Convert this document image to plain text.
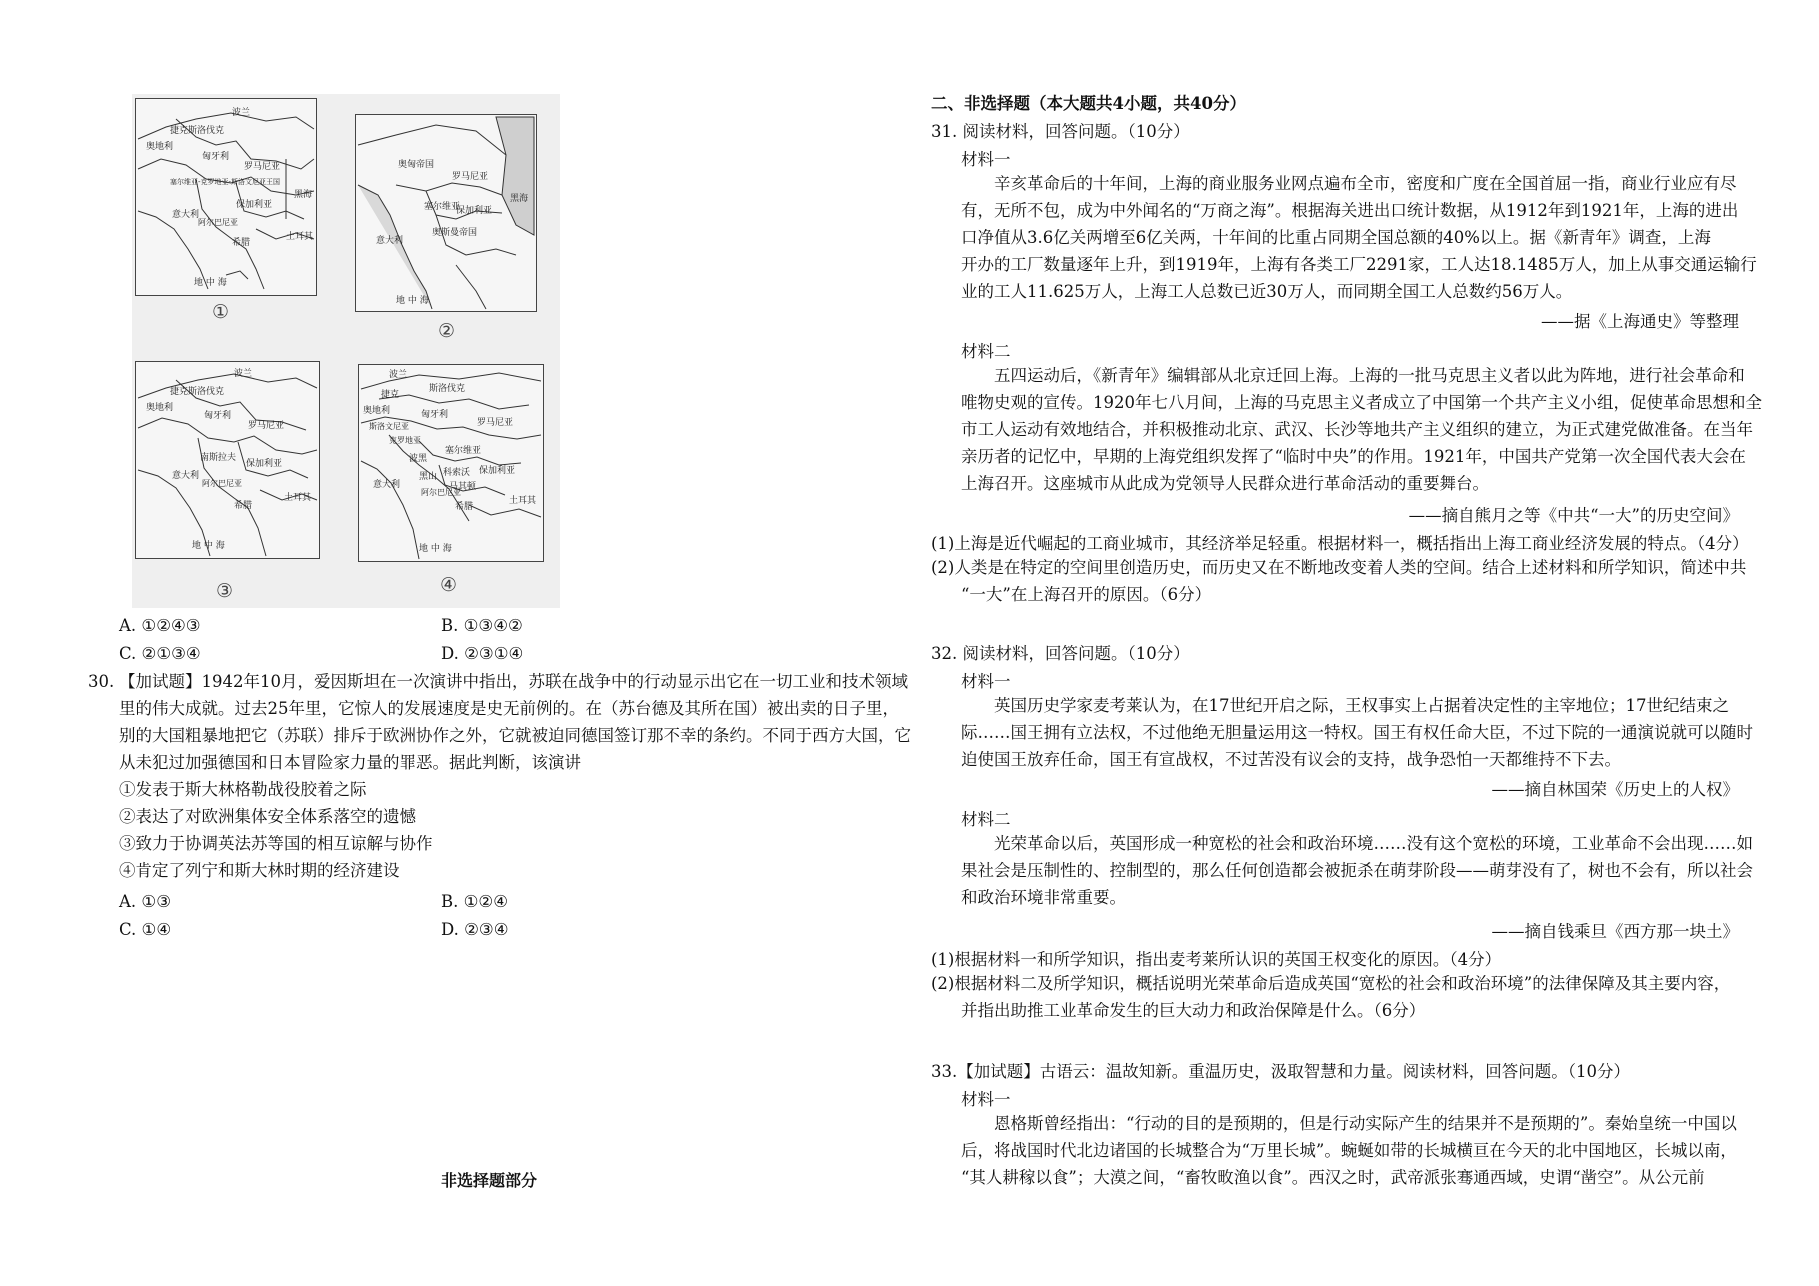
波兰
捷克斯洛伐克
奥地利
匈牙利
罗马尼亚
塞尔维亚-克罗地亚-斯洛文尼亚王国
保加利亚
意大利
阿尔巴尼亚
希腊
土耳其
黑海
地 中 海
①
奥匈帝国
罗马尼亚
塞尔维亚
保加利亚
奥斯曼帝国
意大利
黑海
地 中 海
②
波兰
捷克斯洛伐克
奥地利
匈牙利
罗马尼亚
南斯拉夫
保加利亚
意大利
阿尔巴尼亚
希腊
土耳其
地 中 海
③
波兰
斯洛伐克
捷克
奥地利	匈牙利
罗马尼亚
斯洛文尼亚
克罗地亚
波黑
塞尔维亚
黑山 科索沃
马其顿
保加利亚
阿尔巴尼亚
希腊
土耳其
意大利
地 中 海
④
A. ①②④③	B. ①③④②
C. ②①③④	D. ②③①④
30. 【加试题】1942年10月，爱因斯坦在一次演讲中指出，苏联在战争中的行动显示出它在一切工业和技术领域
里的伟大成就。过去25年里，它惊人的发展速度是史无前例的。在（苏台德及其所在国）被出卖的日子里，
别的大国粗暴地把它（苏联）排斥于欧洲协作之外，它就被迫同德国签订那不幸的条约。不同于西方大国，它
从未犯过加强德国和日本冒险家力量的罪恶。据此判断，该演讲
①发表于斯大林格勒战役胶着之际
②表达了对欧洲集体安全体系落空的遗憾
③致力于协调英法苏等国的相互谅解与协作
④肯定了列宁和斯大林时期的经济建设
A. ①③	B. ①②④
C. ①④	D. ②③④
非选择题部分
二、非选择题（本大题共4小题，共40分）
31. 阅读材料，回答问题。（10分）
材料一
辛亥革命后的十年间，上海的商业服务业网点遍布全市，密度和广度在全国首屈一指，商业行业应有尽
有，无所不包，成为中外闻名的“万商之海”。根据海关进出口统计数据，从1912年到1921年，上海的进出
口净值从3.6亿关两增至6亿关两，十年间的比重占同期全国总额的40%以上。据《新青年》调查，上海
开办的工厂数量逐年上升，到1919年，上海有各类工厂2291家，工人达18.1485万人，加上从事交通运输行
业的工人11.625万人，上海工人总数已近30万人，而同期全国工人总数约56万人。
——据《上海通史》等整理
材料二
五四运动后，《新青年》编辑部从北京迁回上海。上海的一批马克思主义者以此为阵地，进行社会革命和
唯物史观的宣传。1920年七八月间，上海的马克思主义者成立了中国第一个共产主义小组，促使革命思想和全
市工人运动有效地结合，并积极推动北京、武汉、长沙等地共产主义组织的建立，为正式建党做准备。在当年
亲历者的记忆中，早期的上海党组织发挥了“临时中央”的作用。1921年，中国共产党第一次全国代表大会在
上海召开。这座城市从此成为党领导人民群众进行革命活动的重要舞台。
——摘自熊月之等《中共“一大”的历史空间》
(1)上海是近代崛起的工商业城市，其经济举足轻重。根据材料一，概括指出上海工商业经济发展的特点。（4分）
(2)人类是在特定的空间里创造历史，而历史又在不断地改变着人类的空间。结合上述材料和所学知识，简述中共
“一大”在上海召开的原因。（6分）
32. 阅读材料，回答问题。（10分）
材料一
英国历史学家麦考莱认为，在17世纪开启之际，王权事实上占据着决定性的主宰地位；17世纪结束之
际……国王拥有立法权，不过他绝无胆量运用这一特权。国王有权任命大臣，不过下院的一通演说就可以随时
迫使国王放弃任命，国王有宣战权，不过苦没有议会的支持，战争恐怕一天都维持不下去。
——摘自林国荣《历史上的人权》
材料二
光荣革命以后，英国形成一种宽松的社会和政治环境……没有这个宽松的环境，工业革命不会出现……如
果社会是压制性的、控制型的，那么任何创造都会被扼杀在萌芽阶段——萌芽没有了，树也不会有，所以社会
和政治环境非常重要。
——摘自钱乘旦《西方那一块土》
(1)根据材料一和所学知识，指出麦考莱所认识的英国王权变化的原因。（4分）
(2)根据材料二及所学知识，概括说明光荣革命后造成英国“宽松的社会和政治环境”的法律保障及其主要内容，
并指出助推工业革命发生的巨大动力和政治保障是什么。（6分）
33.【加试题】古语云：温故知新。重温历史，汲取智慧和力量。阅读材料，回答问题。（10分）
材料一
恩格斯曾经指出：“行动的目的是预期的，但是行动实际产生的结果并不是预期的”。秦始皇统一中国以
后，将战国时代北边诸国的长城整合为“万里长城”。蜿蜒如带的长城横亘在今天的北中国地区，长城以南，
“其人耕稼以食”；大漠之间，“畜牧畋渔以食”。西汉之时，武帝派张骞通西域，史谓“凿空”。从公元前
